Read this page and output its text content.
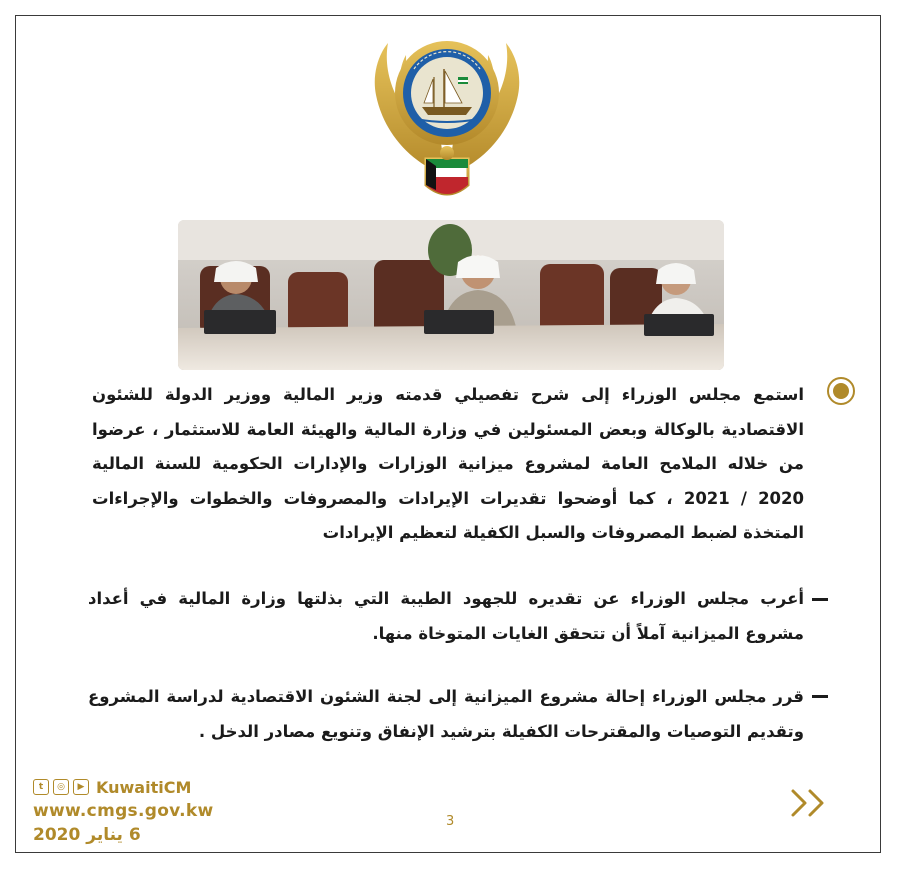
استمع مجلس الوزراء إلى شرح تفصيلي قدمته وزير المالية ووزير الدولة للشئون الاقتصادية بالوكالة وبعض المسئولين في وزارة المالية والهيئة العامة للاستثمار ، عرضوا من خلاله الملامح العامة لمشروع ميزانية الوزارات والإدارات الحكومية للسنة المالية 2020 / 2021 ، كما أوضحوا تقديرات الإيرادات والمصروفات والخطوات والإجراءات المتخذة لضبط المصروفات والسبل الكفيلة لتعظيم الإيرادات

أعرب مجلس الوزراء عن تقديره للجهود الطيبة التي بذلتها وزارة المالية في أعداد مشروع الميزانية آملاً أن تتحقق الغايات المتوخاة منها.

قرر مجلس الوزراء إحالة مشروع الميزانية إلى لجنة الشئون الاقتصادية لدراسة المشروع وتقديم التوصيات والمقترحات الكفيلة بترشيد الإنفاق وتنويع مصادر الدخل .

t	◎	▶ KuwaitiCM
www.cmgs.gov.kw
6 يناير 2020
3
